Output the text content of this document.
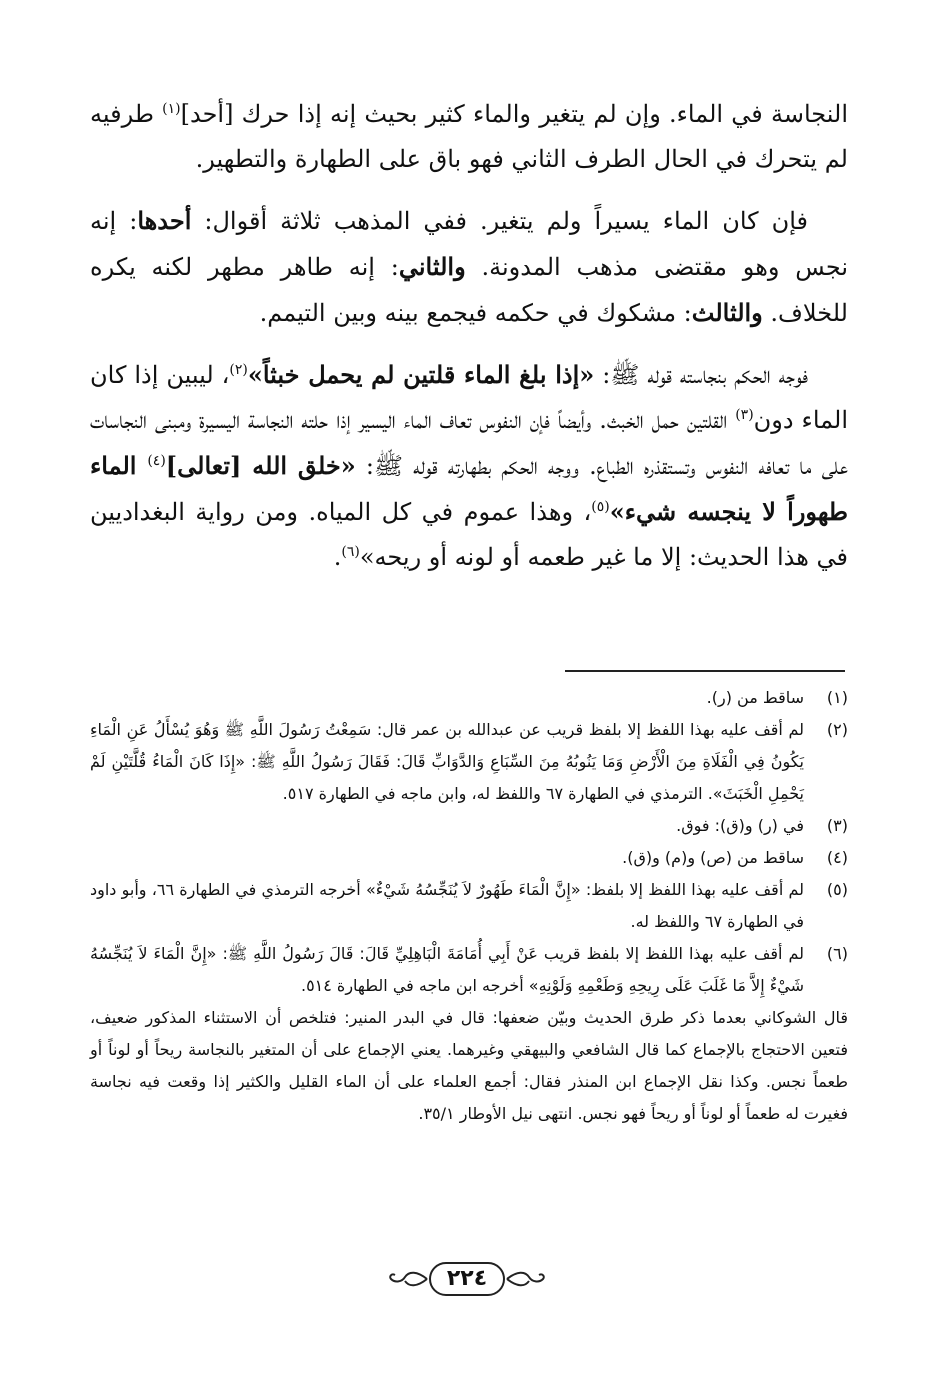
النجاسة في الماء. وإن لم يتغير والماء كثير بحيث إنه إذا حرك [أحد]$^{(١)}$ طرفيه لم يتحرك في الحال الطرف الثاني فهو باق على الطهارة والتطهير.

فإن كان الماء يسيراً ولم يتغير. ففي المذهب ثلاثة أقوال: أحدها: إنه نجس وهو مقتضى مذهب المدونة. والثاني: إنه طاهر مطهر لكنه يكره للخلاف. والثالث: مشكوك في حكمه فيجمع بينه وبين التيمم.

فوجه الحكم بنجاسته قوله ﷺ: «إذا بلغ الماء قلتين لم يحمل خبثاً»$^{(٢)}$، ليبين إذا كان الماء دون$^{(٣)}$ القلتين حمل الخبث. وأيضاً فإن النفوس تعاف الماء اليسير إذا حلته النجاسة اليسيرة ومبنى النجاسات على ما تعافه النفوس وتستقذره الطباع. ووجه الحكم بطهارته قوله ﷺ: «خلق الله [تعالى]$^{(٤)}$ الماء طهوراً لا ينجسه شيء»$^{(٥)}$، وهذا عموم في كل المياه. ومن رواية البغداديين في هذا الحديث: إلا ما غير طعمه أو لونه أو ريحه»$^{(٦)}$.

(١)
ساقط من (ر).
(٢)
لم أقف عليه بهذا اللفظ إلا بلفظ قريب عن عبدالله بن عمر قال: سَمِعْتُ رَسُولَ اللَّهِ ﷺ وَهُوَ يُسْأَلُ عَنِ الْمَاءِ يَكُونُ فِي الْفَلَاةِ مِنَ الْأَرْضِ وَمَا يَنُوبُهُ مِنَ السِّبَاعِ وَالدَّوَابِّ قَالَ: فَقَالَ رَسُولُ اللَّهِ ﷺ: «إِذَا كَانَ الْمَاءُ قُلَّتَيْنِ لَمْ يَحْمِلِ الْخَبَثَ». الترمذي في الطهارة ٦٧ واللفظ له، وابن ماجه في الطهارة ٥١٧.
(٣)
في (ر) و(ق): فوق.
(٤)
ساقط من (ص) و(م) و(ق).
(٥)
لم أقف عليه بهذا اللفظ إلا بلفظ: «إِنَّ الْمَاءَ طَهُورٌ لاَ يُنَجِّسُهُ شَيْءٌ» أخرجه الترمذي في الطهارة ٦٦، وأبو داود في الطهارة ٦٧ واللفظ له.
(٦)
لم أقف عليه بهذا اللفظ إلا بلفظ قريب عَنْ أَبِي أُمَامَةَ الْبَاهِلِيِّ قَالَ: قَالَ رَسُولُ اللَّهِ ﷺ: «إِنَّ الْمَاءَ لاَ يُنَجِّسُهُ شَيْءٌ إِلاَّ مَا غَلَبَ عَلَى رِيحِهِ وَطَعْمِهِ وَلَوْنِهِ» أخرجه ابن ماجه في الطهارة ٥١٤.

قال الشوكاني بعدما ذكر طرق الحديث وبيّن ضعفها: قال في البدر المنير: فتلخص أن الاستثناء المذكور ضعيف، فتعين الاحتجاج بالإجماع كما قال الشافعي والبيهقي وغيرهما. يعني الإجماع على أن المتغير بالنجاسة ريحاً أو لوناً أو طعماً نجس. وكذا نقل الإجماع ابن المنذر فقال: أجمع العلماء على أن الماء القليل والكثير إذا وقعت فيه نجاسة فغيرت له طعماً أو لوناً أو ريحاً فهو نجس. انتهى نيل الأوطار ٣٥/١.

٢٢٤
